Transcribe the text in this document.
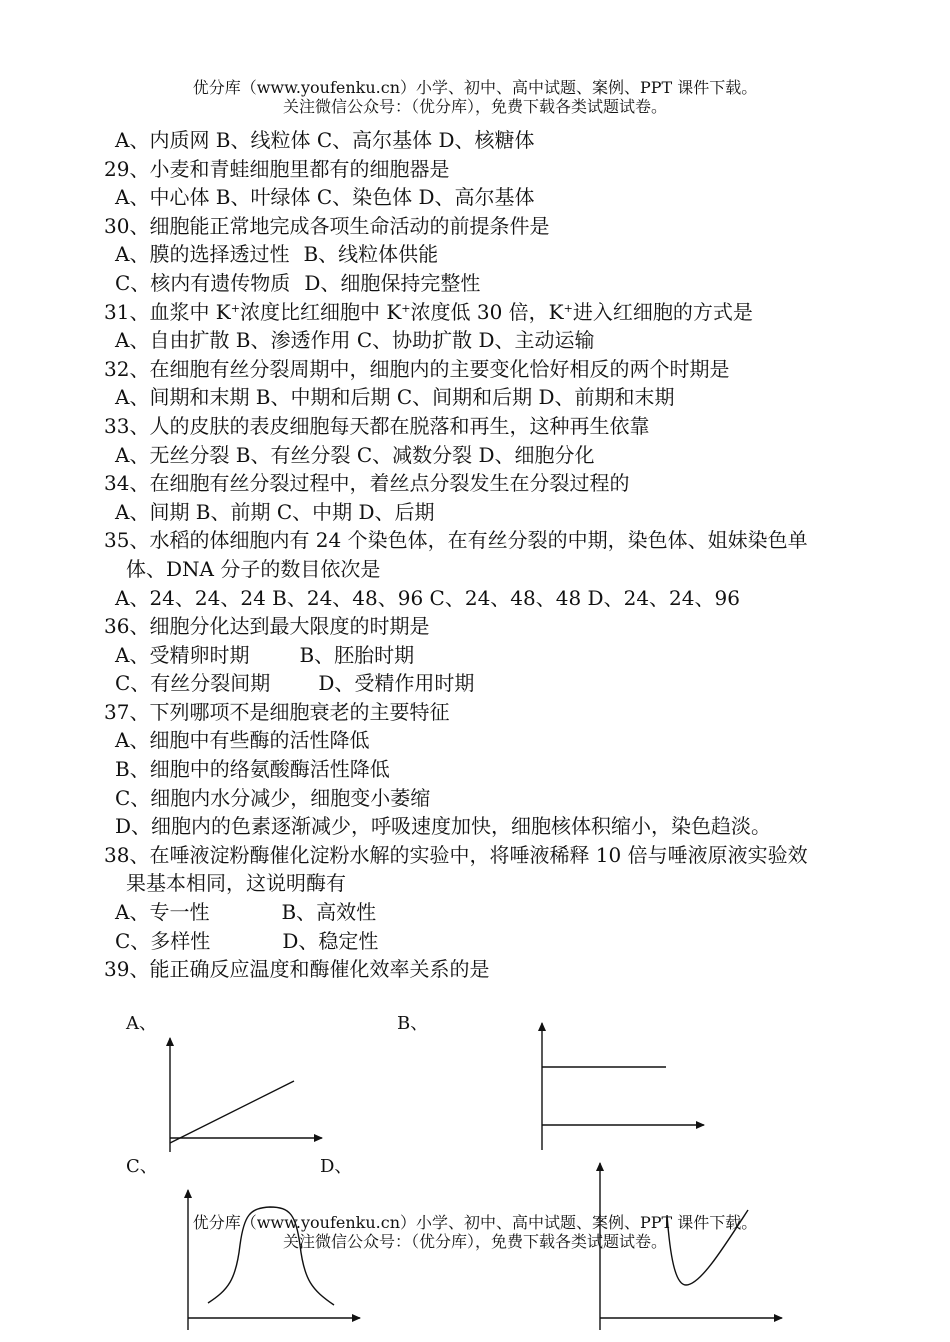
优分库（www.youfenku.cn）小学、初中、高中试题、案例、PPT 课件下载。
关注微信公众号：（优分库），免费下载各类试题试卷。
A、内质网 B、线粒体 C、高尔基体 D、核糖体
29、小麦和青蛙细胞里都有的细胞器是
A、中心体 B、叶绿体 C、染色体 D、高尔基体
30、细胞能正常地完成各项生命活动的前提条件是
A、膜的选择透过性 B、线粒体供能
C、核内有遗传物质 D、细胞保持完整性
31、血浆中 K+浓度比红细胞中 K+浓度低 30 倍，K+进入红细胞的方式是
A、自由扩散 B、渗透作用 C、协助扩散 D、主动运输
32、在细胞有丝分裂周期中，细胞内的主要变化恰好相反的两个时期是
A、间期和末期 B、中期和后期 C、间期和后期 D、前期和末期
33、人的皮肤的表皮细胞每天都在脱落和再生，这种再生依靠
A、无丝分裂 B、有丝分裂 C、减数分裂 D、细胞分化
34、在细胞有丝分裂过程中，着丝点分裂发生在分裂过程的
A、间期 B、前期 C、中期 D、后期
35、水稻的体细胞内有 24 个染色体，在有丝分裂的中期，染色体、姐妹染色单
体、DNA 分子的数目依次是
A、24、24、24 B、24、48、96 C、24、48、48 D、24、24、96
36、细胞分化达到最大限度的时期是
A、受精卵时期	B、胚胎时期
C、有丝分裂间期 D、受精作用时期
37、下列哪项不是细胞衰老的主要特征
A、细胞中有些酶的活性降低
B、细胞中的络氨酸酶活性降低
C、细胞内水分减少，细胞变小萎缩
D、细胞内的色素逐渐减少，呼吸速度加快，细胞核体积缩小，染色趋淡。
38、在唾液淀粉酶催化淀粉水解的实验中，将唾液稀释 10 倍与唾液原液实验效
果基本相同，这说明酶有
A、专一性	B、高效性
C、多样性	D、稳定性
39、能正确反应温度和酶催化效率关系的是
A、	B、
C、	D、
优分库（www.youfenku.cn）小学、初中、高中试题、案例、PPT 课件下载。
关注微信公众号：（优分库），免费下载各类试题试卷。
